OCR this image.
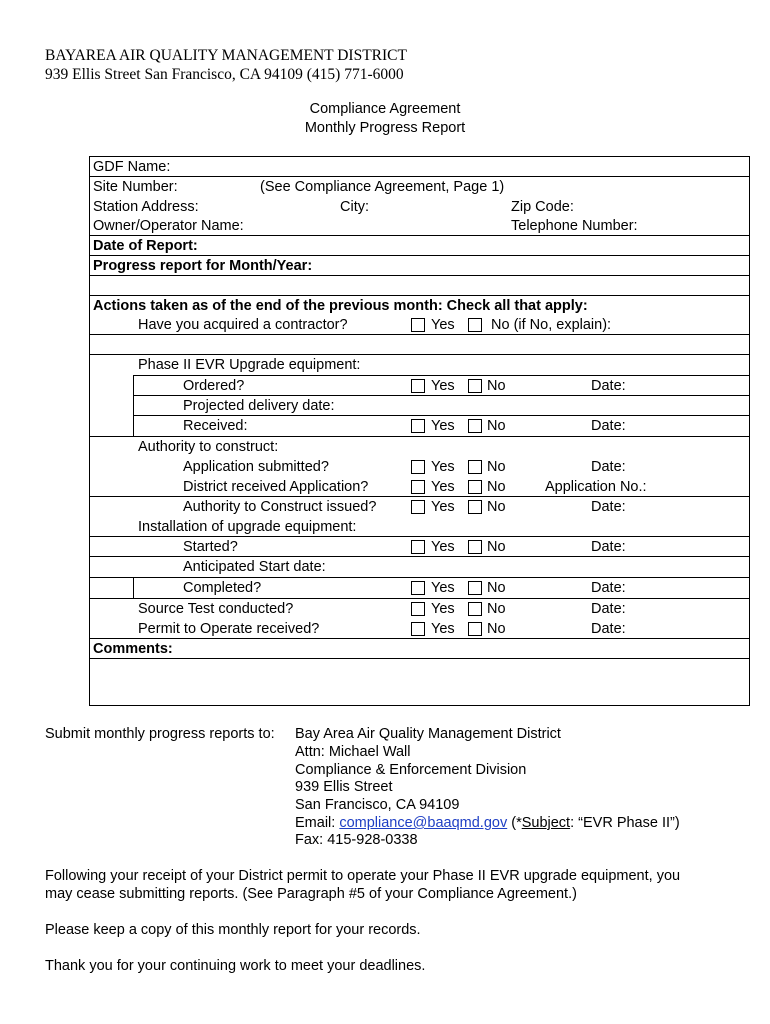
BAYAREA AIR QUALITY MANAGEMENT DISTRICT
939 Ellis Street San Francisco, CA 94109 (415) 771-6000
Compliance Agreement
Monthly Progress Report
GDF Name:
Site Number:	(See Compliance Agreement, Page 1)
Station Address:	City:	Zip Code:
Owner/Operator Name:	Telephone Number:
Date of Report:
Progress report for Month/Year:
Actions taken as of the end of the previous month: Check all that apply:
Have you acquired a contractor?	Yes	No (if No, explain):
Phase II EVR Upgrade equipment:
Ordered?	Yes No	Date:
Projected delivery date:
Received:	Yes No	Date:
Authority to construct:
Application submitted?	Yes No	Date:
District received Application?	Yes No	Application No.:
Authority to Construct issued?	Yes No	Date:
Installation of upgrade equipment:
Started?	Yes No	Date:
Anticipated Start date:
Completed?	Yes No	Date:
Source Test conducted?	Yes No	Date:
Permit to Operate received?	Yes No	Date:
Comments:
Submit monthly progress reports to: Bay Area Air Quality Management District
Attn: Michael Wall
Compliance & Enforcement Division
939 Ellis Street
San Francisco, CA 94109
Email: compliance@baaqmd.gov (*Subject: “EVR Phase II”)
Fax: 415-928-0338
Following your receipt of your District permit to operate your Phase II EVR upgrade equipment, you
may cease submitting reports. (See Paragraph #5 of your Compliance Agreement.)
Please keep a copy of this monthly report for your records.
Thank you for your continuing work to meet your deadlines.
